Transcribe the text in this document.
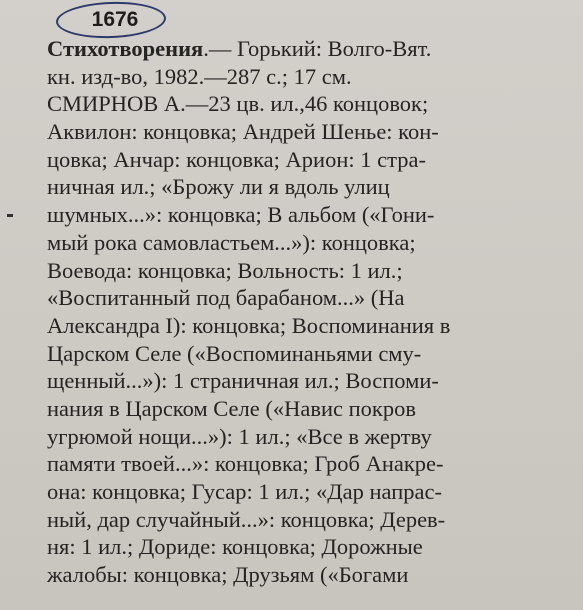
1676
Стихотворения.— Горький: Волго-Вят.
кн. изд-во, 1982.—287 с.; 17 см.
СМИРНОВ А.—23 цв. ил.,46 концовок;
Аквилон: концовка; Андрей Шенье: кон-
цовка; Анчар: концовка; Арион: 1 стра-
ничная ил.; «Брожу ли я вдоль улиц
шумных...»: концовка; В альбом («Гони-
мый рока самовластьем...»): концовка;
Воевода: концовка; Вольность: 1 ил.;
«Воспитанный под барабаном...» (На
Александра I): концовка; Воспоминания в
Царском Селе («Воспоминаньями сму-
щенный...»): 1 страничная ил.; Воспоми-
нания в Царском Селе («Навис покров
угрюмой нощи...»): 1 ил.; «Все в жертву
памяти твоей...»: концовка; Гроб Анакре-
она: концовка; Гусар: 1 ил.; «Дар напрас-
ный, дар случайный...»: концовка; Дерев-
ня: 1 ил.; Дориде: концовка; Дорожные
жалобы: концовка; Друзьям («Богами
